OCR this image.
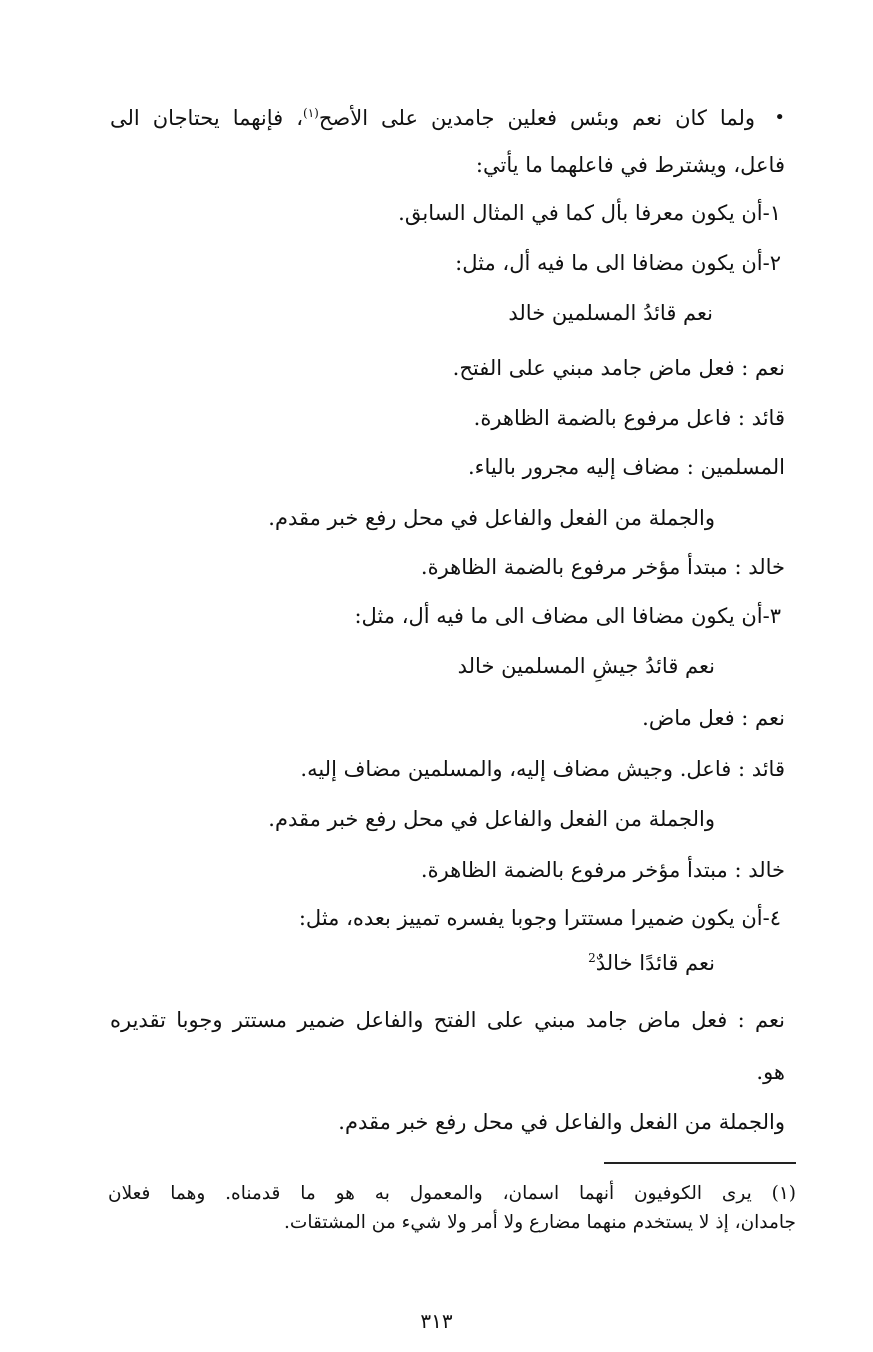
•
ولما كان نعم وبئس فعلين جامدين على الأصح$^{(١)}$، فإنهما يحتاجان الى
فاعل، ويشترط في فاعلهما ما يأتي:
١-أن يكون معرفا بأل كما في المثال السابق.
٢-أن يكون مضافا الى ما فيه أل، مثل:
نعم قائدُ المسلمين خالد
نعم : فعل ماض جامد مبني على الفتح.
قائد : فاعل مرفوع بالضمة الظاهرة.
المسلمين : مضاف إليه مجرور بالياء.
والجملة من الفعل والفاعل في محل رفع خبر مقدم.
خالد : مبتدأ مؤخر مرفوع بالضمة الظاهرة.
٣-أن يكون مضافا الى مضاف الى ما فيه أل، مثل:
نعم قائدُ جيشِ المسلمين خالد
نعم : فعل ماض.
قائد : فاعل. وجيش مضاف إليه، والمسلمين مضاف إليه.
والجملة من الفعل والفاعل في محل رفع خبر مقدم.
خالد : مبتدأ مؤخر مرفوع بالضمة الظاهرة.
٤-أن يكون ضميرا مستترا وجوبا يفسره تمييز بعده، مثل:
نعم قائدًا خالدٌ$^2$
نعم : فعل ماض جامد مبني على الفتح والفاعل ضمير مستتر وجوبا تقديره
هو.
والجملة من الفعل والفاعل في محل رفع خبر مقدم.
(١) يرى الكوفيون أنهما اسمان، والمعمول به هو ما قدمناه. وهما فعلان
جامدان، إذ لا يستخدم منهما مضارع ولا أمر ولا شيء من المشتقات.
٣١٣
